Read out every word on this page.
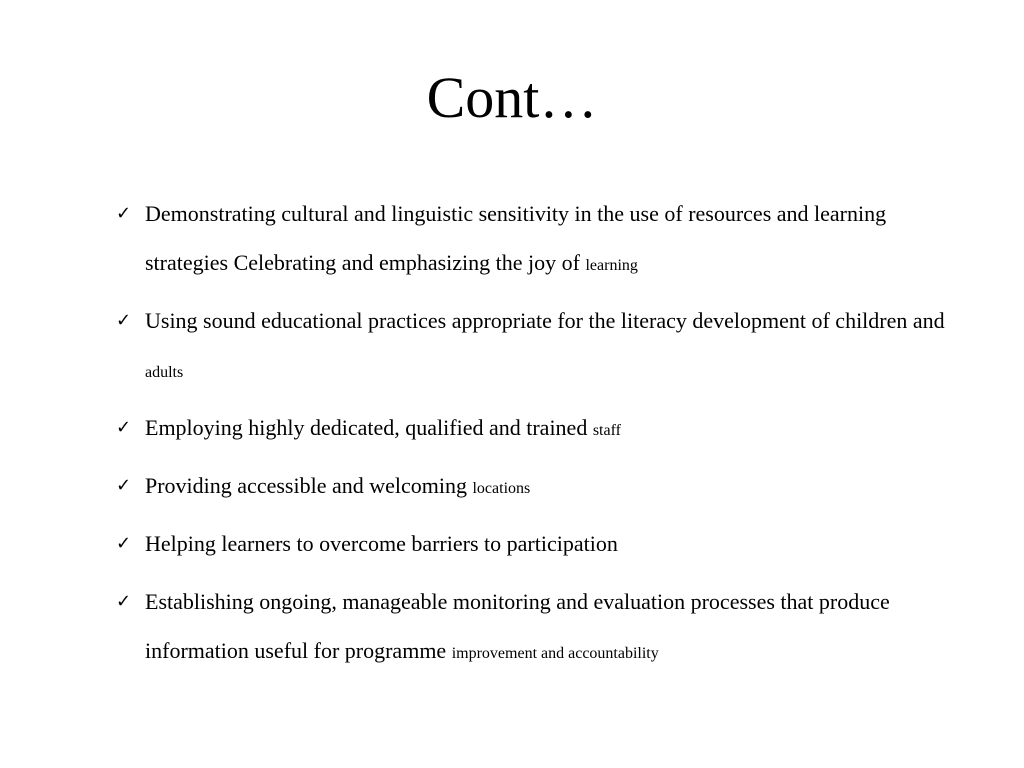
Cont…
✓ Demonstrating cultural and linguistic sensitivity in the use of resources and learning strategies Celebrating and emphasizing the joy of learning
✓ Using sound educational practices appropriate for the literacy development of children and adults
✓ Employing highly dedicated, qualified and trained staff
✓ Providing accessible and welcoming locations
✓ Helping learners to overcome barriers to participation
✓ Establishing ongoing, manageable monitoring and evaluation processes that produce information useful for programme improvement and accountability
